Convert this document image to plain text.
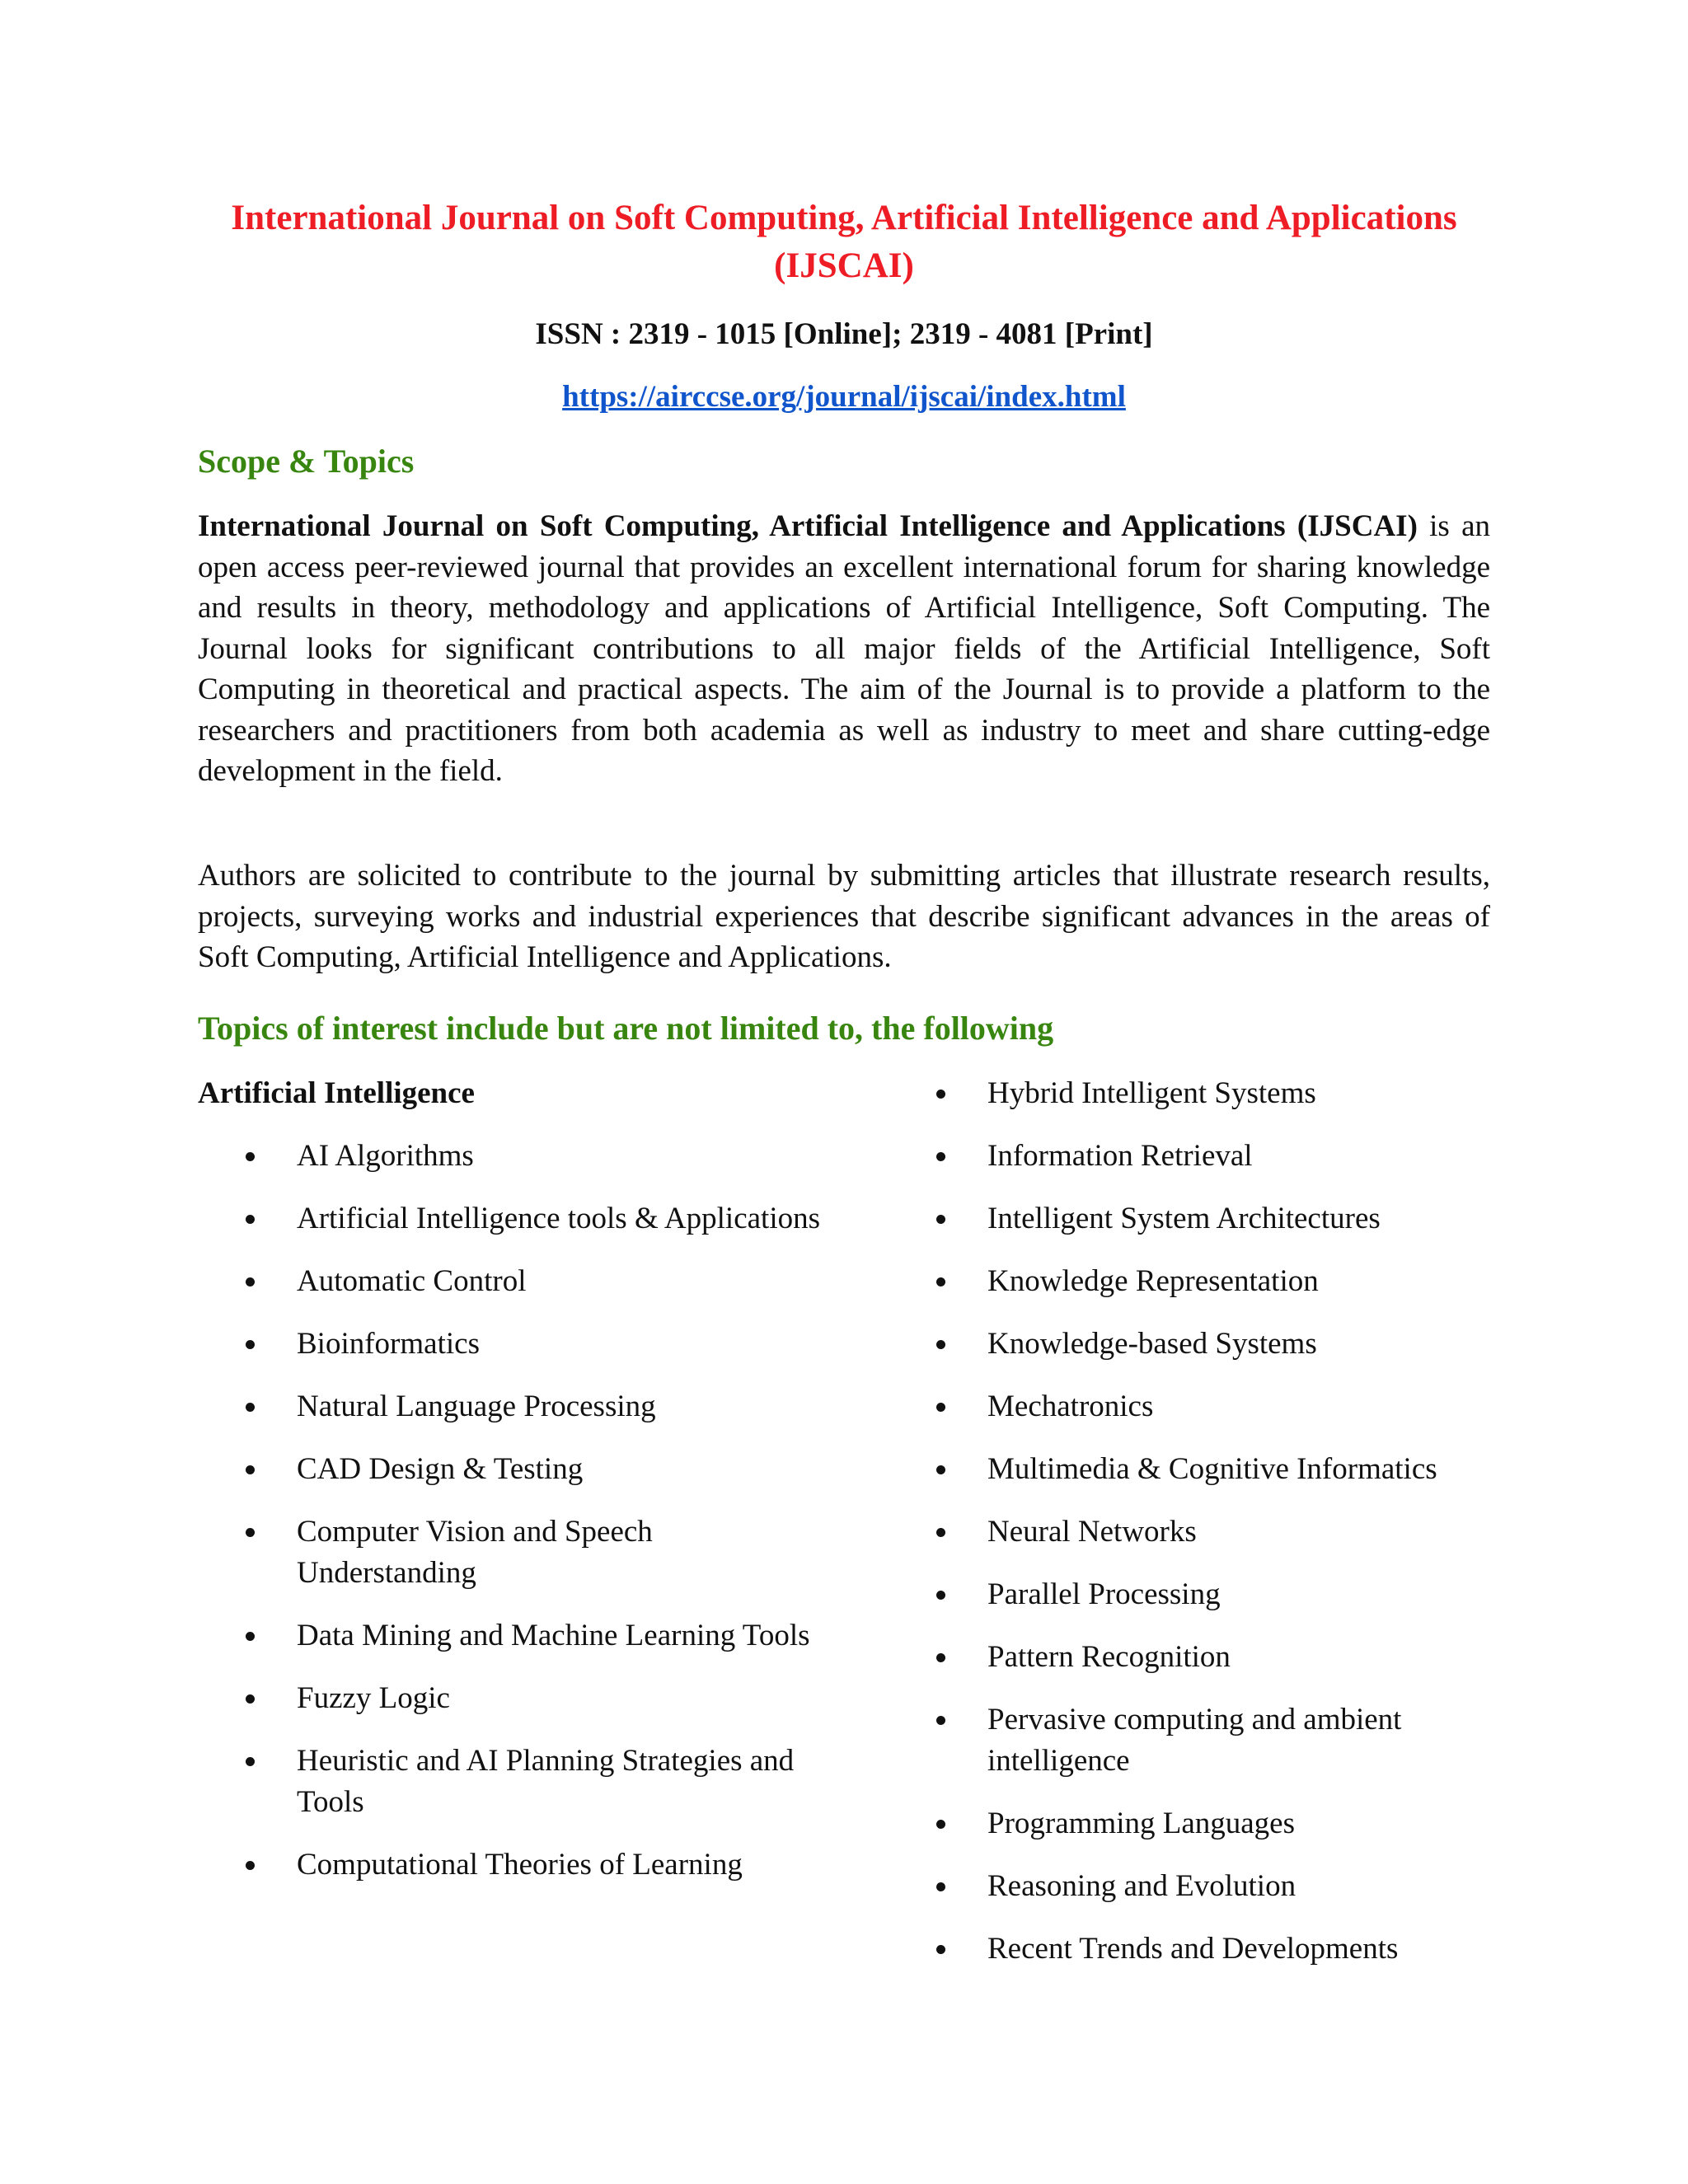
International Journal on Soft Computing, Artificial Intelligence and Applications (IJSCAI)

ISSN : 2319 - 1015 [Online]; 2319 - 4081 [Print]

https://airccse.org/journal/ijscai/index.html

Scope & Topics

International Journal on Soft Computing, Artificial Intelligence and Applications (IJSCAI) is an open access peer-reviewed journal that provides an excellent international forum for sharing knowledge and results in theory, methodology and applications of Artificial Intelligence, Soft Computing. The Journal looks for significant contributions to all major fields of the Artificial Intelligence, Soft Computing in theoretical and practical aspects. The aim of the Journal is to provide a platform to the researchers and practitioners from both academia as well as industry to meet and share cutting-edge development in the field.

Authors are solicited to contribute to the journal by submitting articles that illustrate research results, projects, surveying works and industrial experiences that describe significant advances in the areas of Soft Computing, Artificial Intelligence and Applications.

Topics of interest include but are not limited to, the following

Artificial Intelligence

AI Algorithms
Artificial Intelligence tools & Applications
Automatic Control
Bioinformatics
Natural Language Processing
CAD Design & Testing
Computer Vision and Speech Understanding
Data Mining and Machine Learning Tools
Fuzzy Logic
Heuristic and AI Planning Strategies and Tools
Computational Theories of Learning
Hybrid Intelligent Systems
Information Retrieval
Intelligent System Architectures
Knowledge Representation
Knowledge-based Systems
Mechatronics
Multimedia & Cognitive Informatics
Neural Networks
Parallel Processing
Pattern Recognition
Pervasive computing and ambient intelligence
Programming Languages
Reasoning and Evolution
Recent Trends and Developments
